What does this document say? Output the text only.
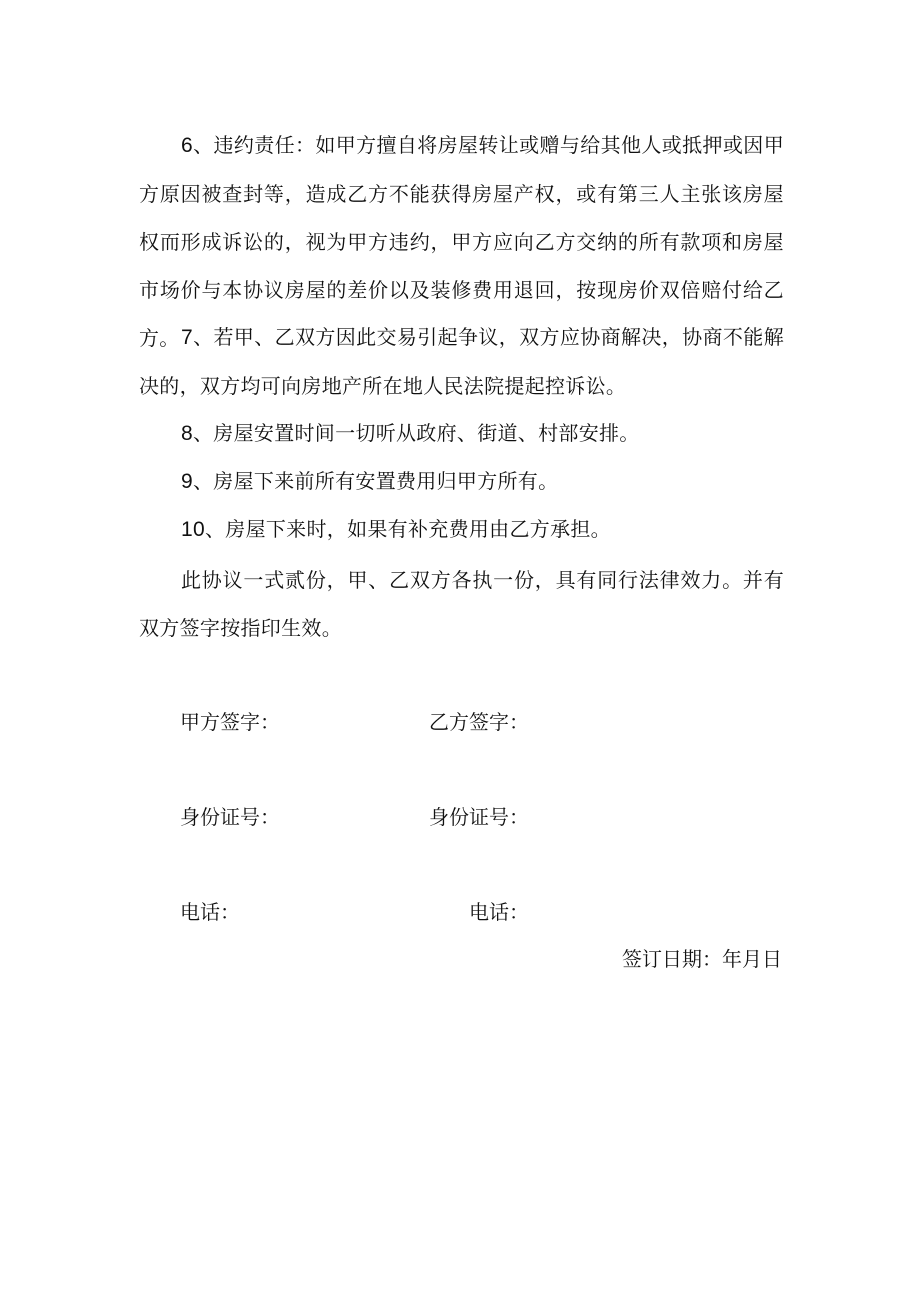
6、违约责任：如甲方擅自将房屋转让或赠与给其他人或抵押或因甲方原因被查封等，造成乙方不能获得房屋产权，或有第三人主张该房屋权而形成诉讼的，视为甲方违约，甲方应向乙方交纳的所有款项和房屋市场价与本协议房屋的差价以及装修费用退回，按现房价双倍赔付给乙方。 7、若甲、乙双方因此交易引起争议，双方应协商解决，协商不能解决的，双方均可向房地产所在地人民法院提起控诉讼。

8、房屋安置时间一切听从政府、街道、村部安排。

9、房屋下来前所有安置费用归甲方所有。

10、房屋下来时，如果有补充费用由乙方承担。

此协议一式贰份，甲、乙双方各执一份，具有同行法律效力。并有双方签字按指印生效。

甲方签字：	乙方签字：

身份证号：	身份证号：

电话：	电话：

签订日期：年月日
